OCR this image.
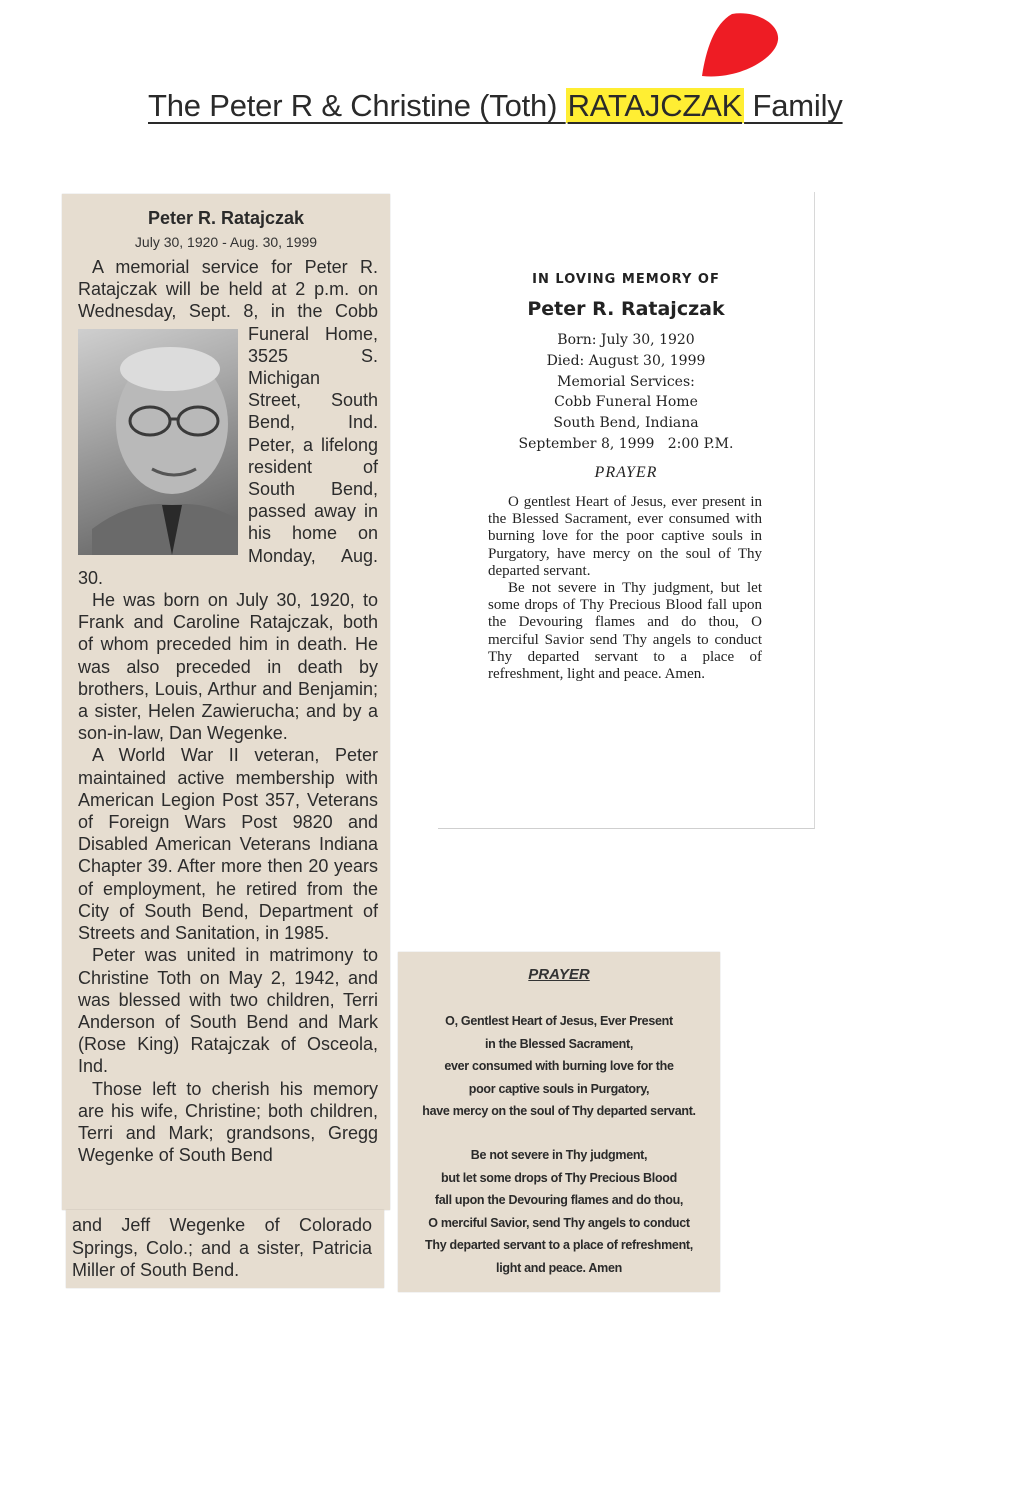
The Peter R & Christine (Toth) RATAJCZAK Family
Peter R. Ratajczak
July 30, 1920 - Aug. 30, 1999

A memorial service for Peter R. Ratajczak will be held at 2 p.m. on Wednesday, Sept. 8, in the Cobb
Funeral Home, 3525 S. Michigan Street, South Bend, Ind. Peter, a lifelong resident of South Bend, passed away in his home on Monday, Aug. 30.

He was born on July 30, 1920, to Frank and Caroline Ratajczak, both of whom preceded him in death. He was also preceded in death by brothers, Louis, Arthur and Benjamin; a sister, Helen Zawierucha; and by a son-in-law, Dan Wegenke.

A World War II veteran, Peter maintained active membership with American Legion Post 357, Veterans of Foreign Wars Post 9820 and Disabled American Veterans Indiana Chapter 39. After more then 20 years of employment, he retired from the City of South Bend, Department of Streets and Sanitation, in 1985.

Peter was united in matrimony to Christine Toth on May 2, 1942, and was blessed with two children, Terri Anderson of South Bend and Mark (Rose King) Ratajczak of Osceola, Ind.

Those left to cherish his memory are his wife, Christine; both children, Terri and Mark; grandsons, Gregg Wegenke of South Bend

and Jeff Wegenke of Colorado Springs, Colo.; and a sister, Patricia Miller of South Bend.
IN LOVING MEMORY OF
Peter R. Ratajczak
Born: July 30, 1920
Died: August 30, 1999
Memorial Services:
Cobb Funeral Home
South Bend, Indiana
September 8, 1999   2:00 P.M.
PRAYER

O gentlest Heart of Jesus, ever present in the Blessed Sacrament, ever consumed with burning love for the poor captive souls in Purgatory, have mercy on the soul of Thy departed servant.

Be not severe in Thy judgment, but let some drops of Thy Precious Blood fall upon the Devouring flames and do thou, O merciful Savior send Thy angels to conduct Thy departed servant to a place of refreshment, light and peace. Amen.

PRAYER
O, Gentlest Heart of Jesus, Ever Present
in the Blessed Sacrament,
ever consumed with burning love for the
poor captive souls in Purgatory,
have mercy on the soul of Thy departed servant.
Be not severe in Thy judgment,
but let some drops of Thy Precious Blood
fall upon the Devouring flames and do thou,
O merciful Savior, send Thy angels to conduct
Thy departed servant to a place of refreshment,
light and peace. Amen
